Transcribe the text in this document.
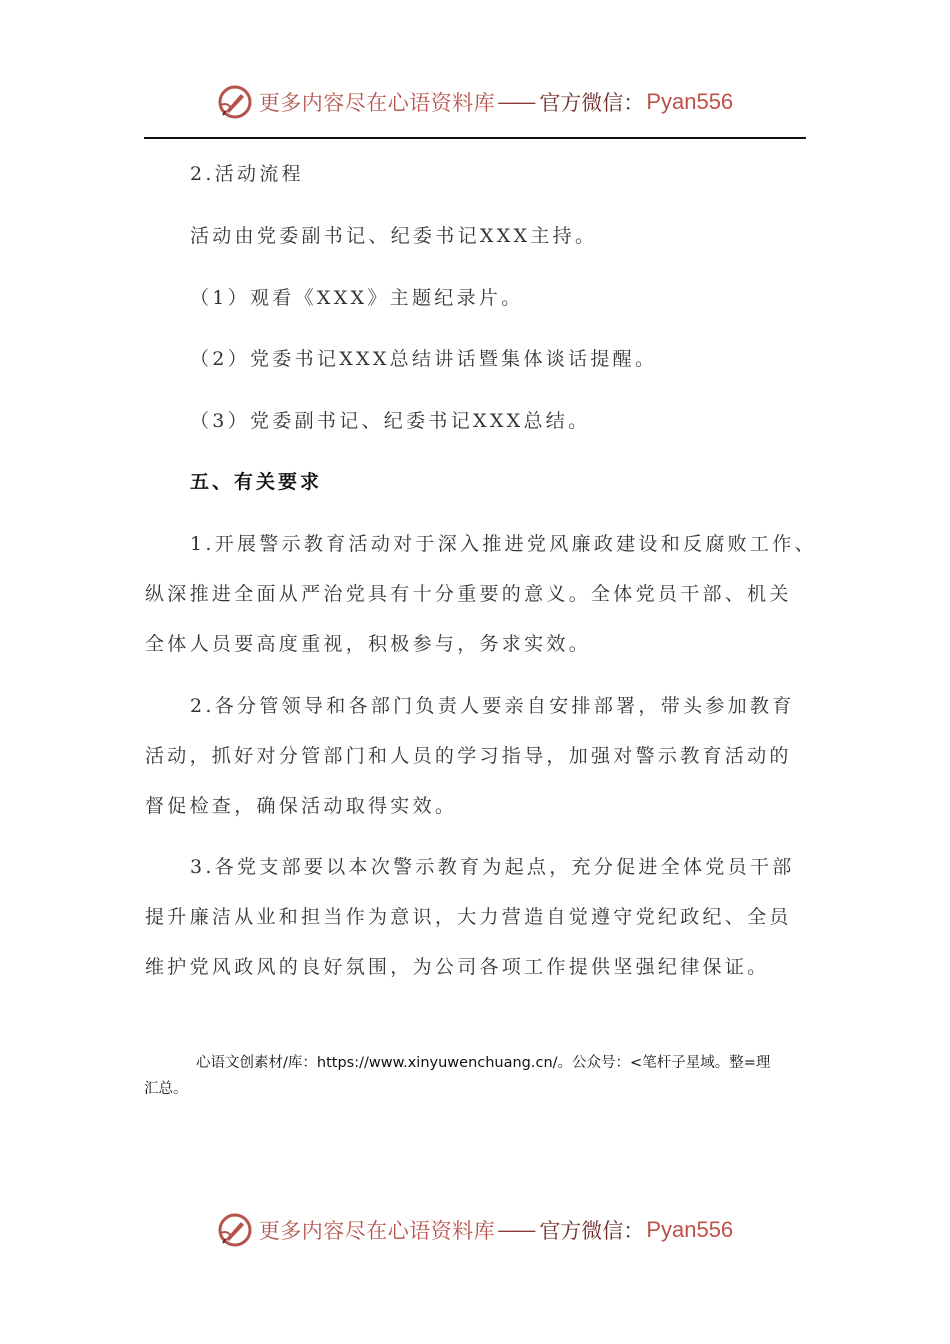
更多内容尽在心语资料库 —— 官方微信： Pyan556
2.活动流程
活动由党委副书记、纪委书记XXX主持。
（1）观看《XXX》主题纪录片。
（2）党委书记XXX总结讲话暨集体谈话提醒。
（3）党委副书记、纪委书记XXX总结。
五、有关要求
1.开展警示教育活动对于深入推进党风廉政建设和反腐败工作、
纵深推进全面从严治党具有十分重要的意义。全体党员干部、机关
全体人员要高度重视，积极参与，务求实效。
2.各分管领导和各部门负责人要亲自安排部署，带头参加教育
活动，抓好对分管部门和人员的学习指导，加强对警示教育活动的
督促检查，确保活动取得实效。
3.各党支部要以本次警示教育为起点，充分促进全体党员干部
提升廉洁从业和担当作为意识，大力营造自觉遵守党纪政纪、全员
维护党风政风的良好氛围，为公司各项工作提供坚强纪律保证。
心语文创素材/库：https://www.xinyuwenchuang.cn/。公众号：<笔杆子星域。整=理
汇总。
更多内容尽在心语资料库 —— 官方微信： Pyan556
